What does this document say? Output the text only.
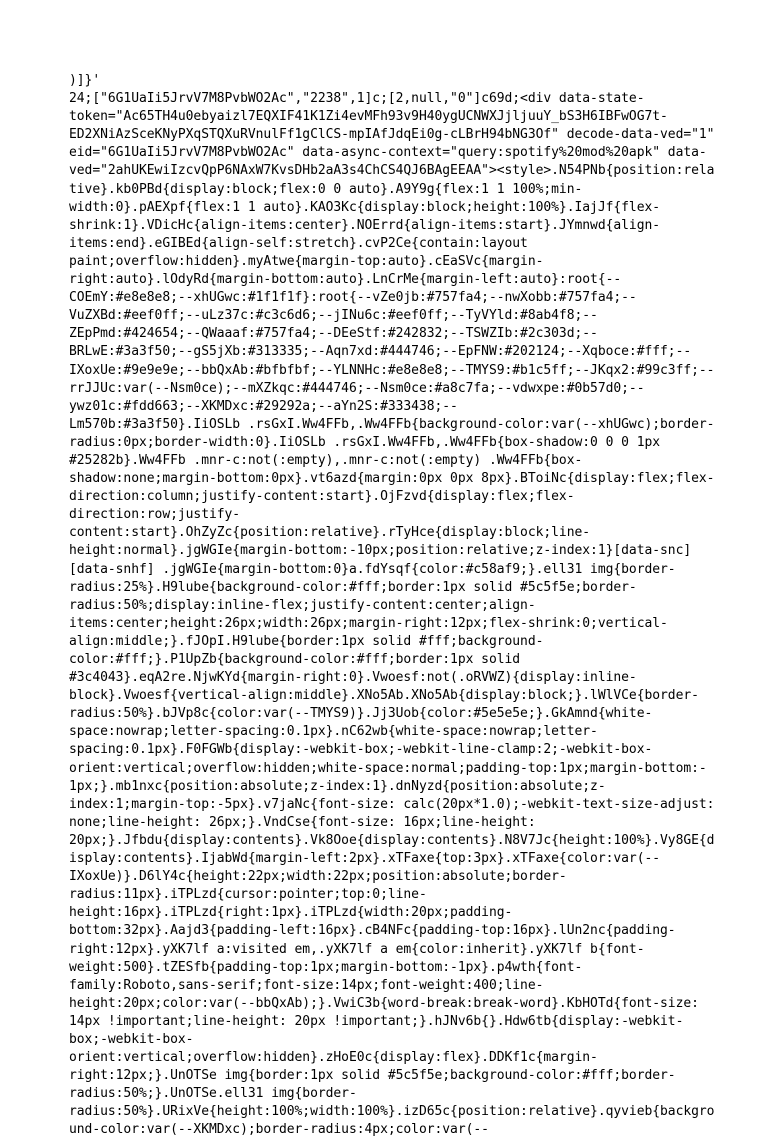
)]}'
24;["6G1UaIi5JrvV7M8PvbWO2Ac","2238",1]c;[2,null,"0"]c69d;<div data-state-
token="Ac65TH4u0ebyaizl7EQXIF41K1Zi4evMFh93v9H40ygUCNWXJjljuuY_bS3H6IBFwOG7t-
ED2XNiAzSceKNyPXqSTQXuRVnulFf1gClCS-mpIAfJdqEi0g-cLBrH94bNG3Of" decode-data-ved="1"
eid="6G1UaIi5JrvV7M8PvbWO2Ac" data-async-context="query:spotify%20mod%20apk" data-
ved="2ahUKEwiIzcvQpP6NAxW7KvsDHb2aA3s4ChCS4QJ6BAgEEAA"><style>.N54PNb{position:rela
tive}.kb0PBd{display:block;flex:0 0 auto}.A9Y9g{flex:1 1 100%;min-
width:0}.pAEXpf{flex:1 1 auto}.KAO3Kc{display:block;height:100%}.IajJf{flex-
shrink:1}.VDicHc{align-items:center}.NOErrd{align-items:start}.JYmnwd{align-
items:end}.eGIBEd{align-self:stretch}.cvP2Ce{contain:layout
paint;overflow:hidden}.myAtwe{margin-top:auto}.cEaSVc{margin-
right:auto}.lOdyRd{margin-bottom:auto}.LnCrMe{margin-left:auto}:root{--
COEmY:#e8e8e8;--xhUGwc:#1f1f1f}:root{--vZe0jb:#757fa4;--nwXobb:#757fa4;--
VuZXBd:#eef0ff;--uLz37c:#c3c6d6;--jINu6c:#eef0ff;--TyVYld:#8ab4f8;--
ZEpPmd:#424654;--QWaaaf:#757fa4;--DEeStf:#242832;--TSWZIb:#2c303d;--
BRLwE:#3a3f50;--gS5jXb:#313335;--Aqn7xd:#444746;--EpFNW:#202124;--Xqboce:#fff;--
IXoxUe:#9e9e9e;--bbQxAb:#bfbfbf;--YLNNHc:#e8e8e8;--TMYS9:#b1c5ff;--JKqx2:#99c3ff;--
rrJJUc:var(--Nsm0ce);--mXZkqc:#444746;--Nsm0ce:#a8c7fa;--vdwxpe:#0b57d0;--
ywz01c:#fdd663;--XKMDxc:#29292a;--aYn2S:#333438;--
Lm570b:#3a3f50}.IiOSLb .rsGxI.Ww4FFb,.Ww4FFb{background-color:var(--xhUGwc);border-
radius:0px;border-width:0}.IiOSLb .rsGxI.Ww4FFb,.Ww4FFb{box-shadow:0 0 0 1px
#25282b}.Ww4FFb .mnr-c:not(:empty),.mnr-c:not(:empty) .Ww4FFb{box-
shadow:none;margin-bottom:0px}.vt6azd{margin:0px 0px 8px}.BToiNc{display:flex;flex-
direction:column;justify-content:start}.OjFzvd{display:flex;flex-
direction:row;justify-
content:start}.OhZyZc{position:relative}.rTyHce{display:block;line-
height:normal}.jgWGIe{margin-bottom:-10px;position:relative;z-index:1}[data-snc]
[data-snhf] .jgWGIe{margin-bottom:0}a.fdYsqf{color:#c58af9;}.ell31 img{border-
radius:25%}.H9lube{background-color:#fff;border:1px solid #5c5f5e;border-
radius:50%;display:inline-flex;justify-content:center;align-
items:center;height:26px;width:26px;margin-right:12px;flex-shrink:0;vertical-
align:middle;}.fJOpI.H9lube{border:1px solid #fff;background-
color:#fff;}.P1UpZb{background-color:#fff;border:1px solid
#3c4043}.eqA2re.NjwKYd{margin-right:0}.Vwoesf:not(.oRVWZ){display:inline-
block}.Vwoesf{vertical-align:middle}.XNo5Ab.XNo5Ab{display:block;}.lWlVCe{border-
radius:50%}.bJVp8c{color:var(--TMYS9)}.Jj3Uob{color:#5e5e5e;}.GkAmnd{white-
space:nowrap;letter-spacing:0.1px}.nC62wb{white-space:nowrap;letter-
spacing:0.1px}.F0FGWb{display:-webkit-box;-webkit-line-clamp:2;-webkit-box-
orient:vertical;overflow:hidden;white-space:normal;padding-top:1px;margin-bottom:-
1px;}.mb1nxc{position:absolute;z-index:1}.dnNyzd{position:absolute;z-
index:1;margin-top:-5px}.v7jaNc{font-size: calc(20px*1.0);-webkit-text-size-adjust:
none;line-height: 26px;}.VndCse{font-size: 16px;line-height:
20px;}.Jfbdu{display:contents}.Vk8Ooe{display:contents}.N8V7Jc{height:100%}.Vy8GE{d
isplay:contents}.IjabWd{margin-left:2px}.xTFaxe{top:3px}.xTFaxe{color:var(--
IXoxUe)}.D6lY4c{height:22px;width:22px;position:absolute;border-
radius:11px}.iTPLzd{cursor:pointer;top:0;line-
height:16px}.iTPLzd{right:1px}.iTPLzd{width:20px;padding-
bottom:32px}.Aajd3{padding-left:16px}.cB4NFc{padding-top:16px}.lUn2nc{padding-
right:12px}.yXK7lf a:visited em,.yXK7lf a em{color:inherit}.yXK7lf b{font-
weight:500}.tZESfb{padding-top:1px;margin-bottom:-1px}.p4wth{font-
family:Roboto,sans-serif;font-size:14px;font-weight:400;line-
height:20px;color:var(--bbQxAb);}.VwiC3b{word-break:break-word}.KbHOTd{font-size:
14px !important;line-height: 20px !important;}.hJNv6b{}.Hdw6tb{display:-webkit-
box;-webkit-box-
orient:vertical;overflow:hidden}.zHoE0c{display:flex}.DDKf1c{margin-
right:12px;}.UnOTSe img{border:1px solid #5c5f5e;background-color:#fff;border-
radius:50%;}.UnOTSe.ell31 img{border-
radius:50%}.URixVe{height:100%;width:100%}.izD65c{position:relative}.qyvieb{backgro
und-color:var(--XKMDxc);border-radius:4px;color:var(--
